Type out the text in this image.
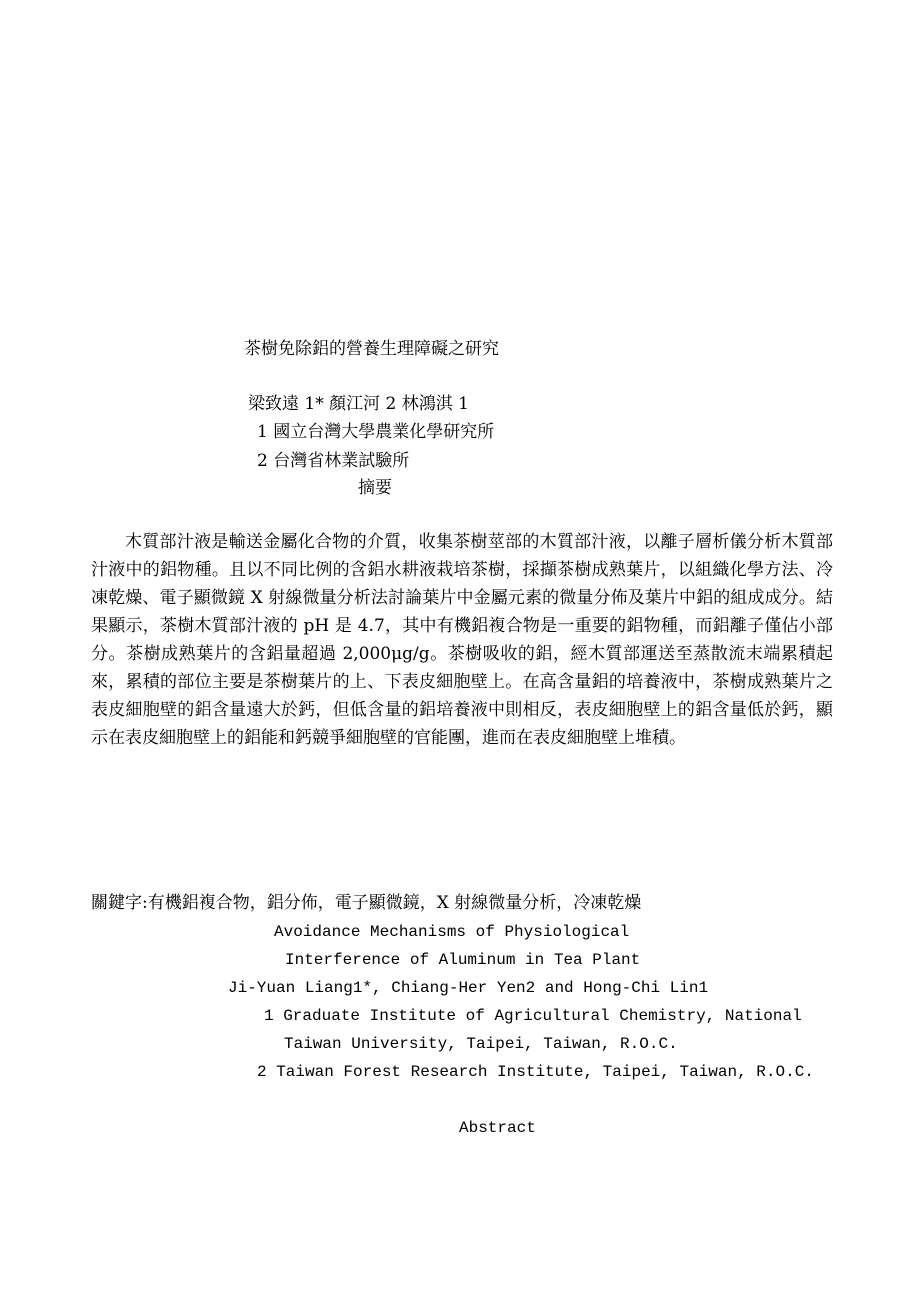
茶樹免除鋁的營養生理障礙之研究
梁致遠 1* 顏江河 2 林鴻淇 1
1 國立台灣大學農業化學研究所
2 台灣省林業試驗所
摘要

木質部汁液是輸送金屬化合物的介質，收集茶樹莖部的木質部汁液，以離子層析儀分析木質部汁液中的鋁物種。且以不同比例的含鋁水耕液栽培茶樹，採擷茶樹成熟葉片，以組織化學方法、冷凍乾燥、電子顯微鏡 X 射線微量分析法討論葉片中金屬元素的微量分佈及葉片中鋁的組成成分。結果顯示，茶樹木質部汁液的 pH 是 4.7，其中有機鋁複合物是一重要的鋁物種，而鋁離子僅佔小部分。茶樹成熟葉片的含鋁量超過 2,000μg/g。茶樹吸收的鋁，經木質部運送至蒸散流末端累積起來，累積的部位主要是茶樹葉片的上、下表皮細胞壁上。在高含量鋁的培養液中，茶樹成熟葉片之表皮細胞壁的鋁含量遠大於鈣，但低含量的鋁培養液中則相反，表皮細胞壁上的鋁含量低於鈣，顯示在表皮細胞壁上的鋁能和鈣競爭細胞壁的官能團，進而在表皮細胞壁上堆積。

關鍵字:有機鋁複合物，鋁分佈，電子顯微鏡，X 射線微量分析，冷凍乾燥
Avoidance Mechanisms of Physiological
Interference of Aluminum in Tea Plant
Ji-Yuan Liang1*, Chiang-Her Yen2 and Hong-Chi Lin1
1 Graduate Institute of Agricultural Chemistry, National
Taiwan University, Taipei, Taiwan, R.O.C.
2 Taiwan Forest Research Institute, Taipei, Taiwan, R.O.C.
Abstract
